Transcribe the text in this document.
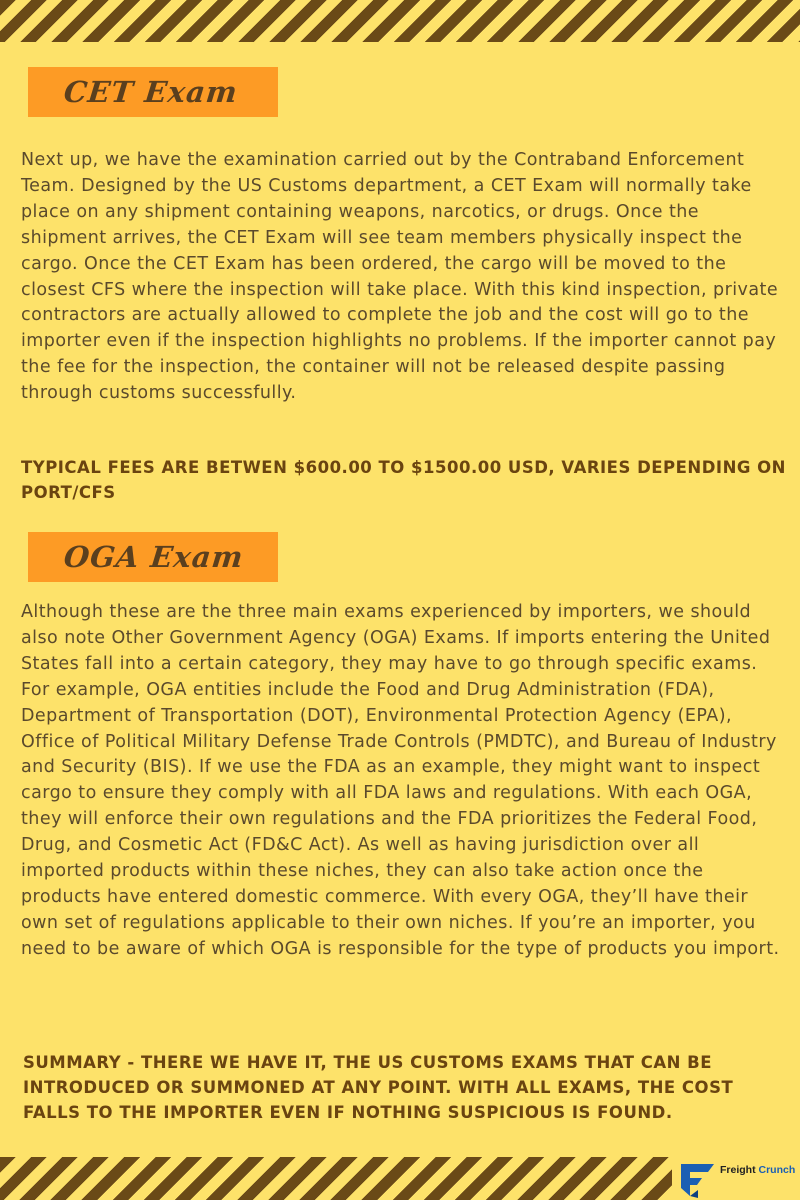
CET Exam

Next up, we have the examination carried out by the Contraband Enforcement Team. Designed by the US Customs department, a CET Exam will normally take place on any shipment containing weapons, narcotics, or drugs. Once the shipment arrives, the CET Exam will see team members physically inspect the cargo. Once the CET Exam has been ordered, the cargo will be moved to the closest CFS where the inspection will take place. With this kind inspection, private contractors are actually allowed to complete the job and the cost will go to the importer even if the inspection highlights no problems. If the importer cannot pay the fee for the inspection, the container will not be released despite passing through customs successfully.

TYPICAL FEES ARE BETWEN $600.00 TO $1500.00 USD, VARIES DEPENDING ON PORT/CFS

OGA Exam

Although these are the three main exams experienced by importers, we should also note Other Government Agency (OGA) Exams. If imports entering the United States fall into a certain category, they may have to go through specific exams. For example, OGA entities include the Food and Drug Administration (FDA), Department of Transportation (DOT), Environmental Protection Agency (EPA), Office of Political Military Defense Trade Controls (PMDTC), and Bureau of Industry and Security (BIS). If we use the FDA as an example, they might want to inspect cargo to ensure they comply with all FDA laws and regulations. With each OGA, they will enforce their own regulations and the FDA prioritizes the Federal Food, Drug, and Cosmetic Act (FD&C Act). As well as having jurisdiction over all imported products within these niches, they can also take action once the products have entered domestic commerce. With every OGA, they’ll have their own set of regulations applicable to their own niches. If you’re an importer, you need to be aware of which OGA is responsible for the type of products you import.

SUMMARY - THERE WE HAVE IT, THE US CUSTOMS EXAMS THAT CAN BE INTRODUCED OR SUMMONED AT ANY POINT. WITH ALL EXAMS, THE COST FALLS TO THE IMPORTER EVEN IF NOTHING SUSPICIOUS IS FOUND.

Freight Crunch
